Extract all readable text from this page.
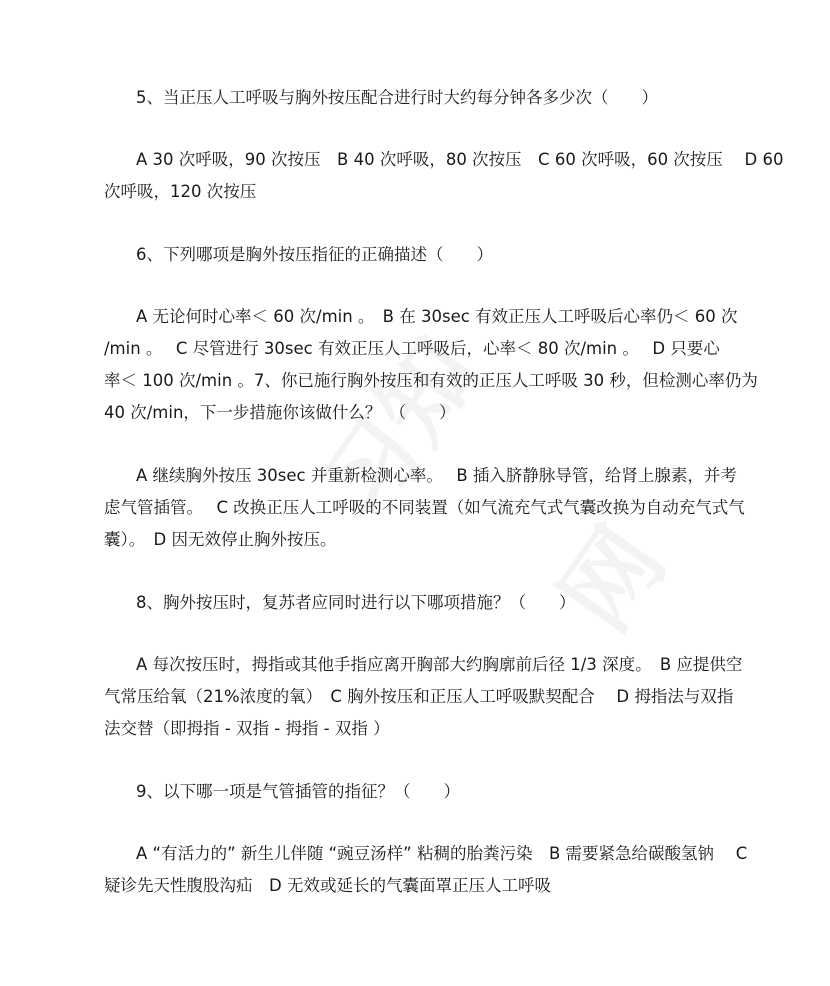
5、当正压人工呼吸与胸外按压配合进行时大约每分钟各多少次（　　）
A 30 次呼吸，90 次按压　B 40 次呼吸，80 次按压　C 60 次呼吸，60 次按压　 D 60
次呼吸，120 次按压
6、下列哪项是胸外按压指征的正确描述（　　）
A 无论何时心率＜ 60 次/min 。　B 在 30sec 有效正压人工呼吸后心率仍＜ 60 次
/min 。　 C 尽管进行 30sec 有效正压人工呼吸后，心率＜ 80 次/min 。　 D 只要心
率＜ 100 次/min 。7、你已施行胸外按压和有效的正压人工呼吸 30 秒，但检测心率仍为
40 次/min，下一步措施你该做什么？　（　　）
A 继续胸外按压 30sec 并重新检测心率。　 B 插入脐静脉导管，给肾上腺素，并考
虑气管插管。　 C 改换正压人工呼吸的不同装置（如气流充气式气囊改换为自动充气式气
囊）。　D 因无效停止胸外按压。
8、胸外按压时，复苏者应同时进行以下哪项措施？（　　）
A 每次按压时，拇指或其他手指应离开胸部大约胸廓前后径 1/3 深度。　B 应提供空
气常压给氧（21%浓度的氧）　C 胸外按压和正压人工呼吸默契配合　 D 拇指法与双指
法交替（即拇指 - 双指 - 拇指 - 双指 ）
9、以下哪一项是气管插管的指征？（　　）
A “有活力的” 新生儿伴随 “豌豆汤样” 粘稠的胎粪污染　B 需要紧急给碳酸氢钠　 C
疑诊先天性腹股沟疝　D 无效或延长的气囊面罩正压人工呼吸
